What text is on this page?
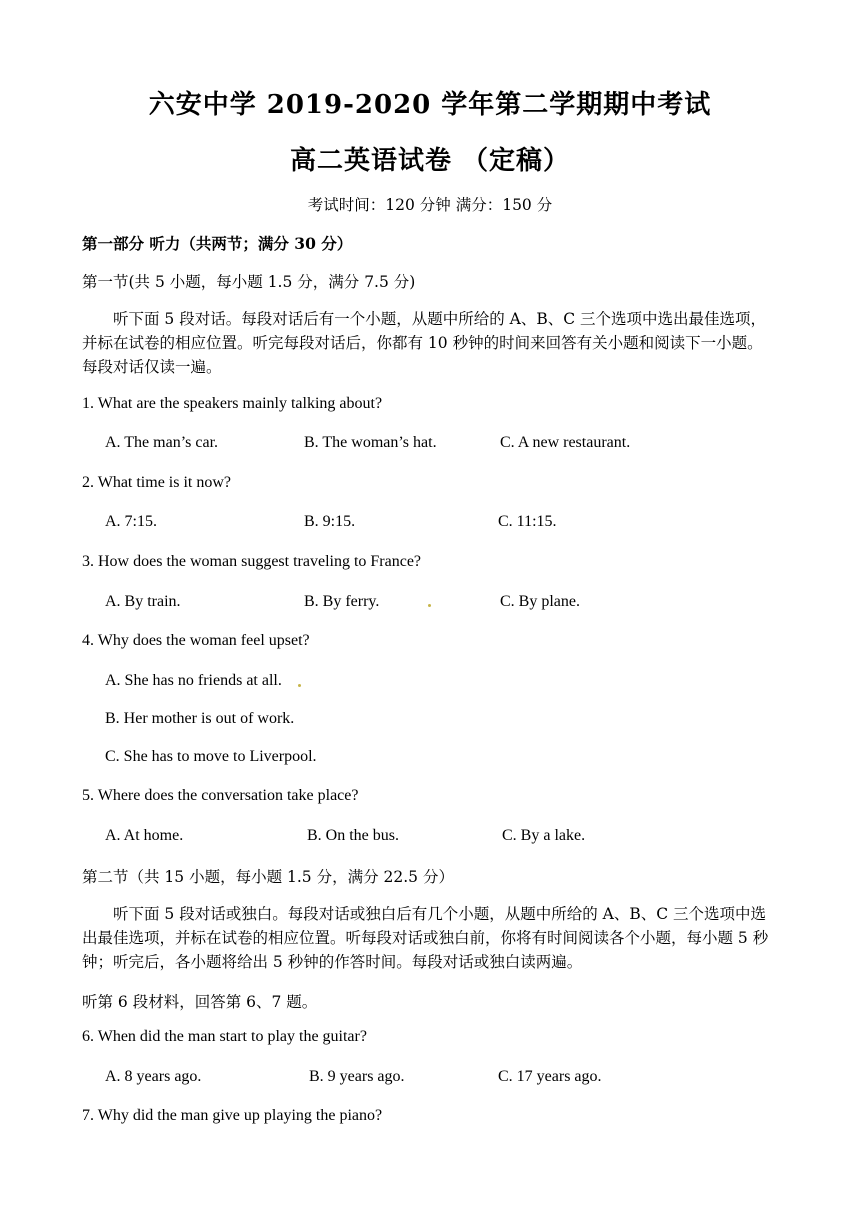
六安中学 2019-2020 学年第二学期期中考试
高二英语试卷 （定稿）
考试时间：120 分钟 满分：150 分
第一部分 听力（共两节；满分 30 分）
第一节(共 5 小题，每小题 1.5 分，满分 7.5 分)
听下面 5 段对话。每段对话后有一个小题，从题中所给的 A、B、C 三个选项中选出最佳选项，并标在试卷的相应位置。听完每段对话后，你都有 10 秒钟的时间来回答有关小题和阅读下一小题。每段对话仅读一遍。
1. What are the speakers mainly talking about?
A. The man’s car.	B. The woman’s hat.	C. A new restaurant.
2. What time is it now?
A. 7:15.	B. 9:15.	C. 11:15.
3. How does the woman suggest traveling to France?
A. By train.	B. By ferry.	C. By plane.
4. Why does the woman feel upset?
A. She has no friends at all.
B. Her mother is out of work.
C. She has to move to Liverpool.
5. Where does the conversation take place?
A. At home.	B. On the bus.	C. By a lake.
第二节（共 15 小题，每小题 1.5 分，满分 22.5 分）
听下面 5 段对话或独白。每段对话或独白后有几个小题，从题中所给的 A、B、C 三个选项中选出最佳选项，并标在试卷的相应位置。听每段对话或独白前，你将有时间阅读各个小题，每小题 5 秒钟；听完后，各小题将给出 5 秒钟的作答时间。每段对话或独白读两遍。
听第 6 段材料，回答第 6、7 题。
6. When did the man start to play the guitar?
A. 8 years ago.	B. 9 years ago.	C. 17 years ago.
7. Why did the man give up playing the piano?
